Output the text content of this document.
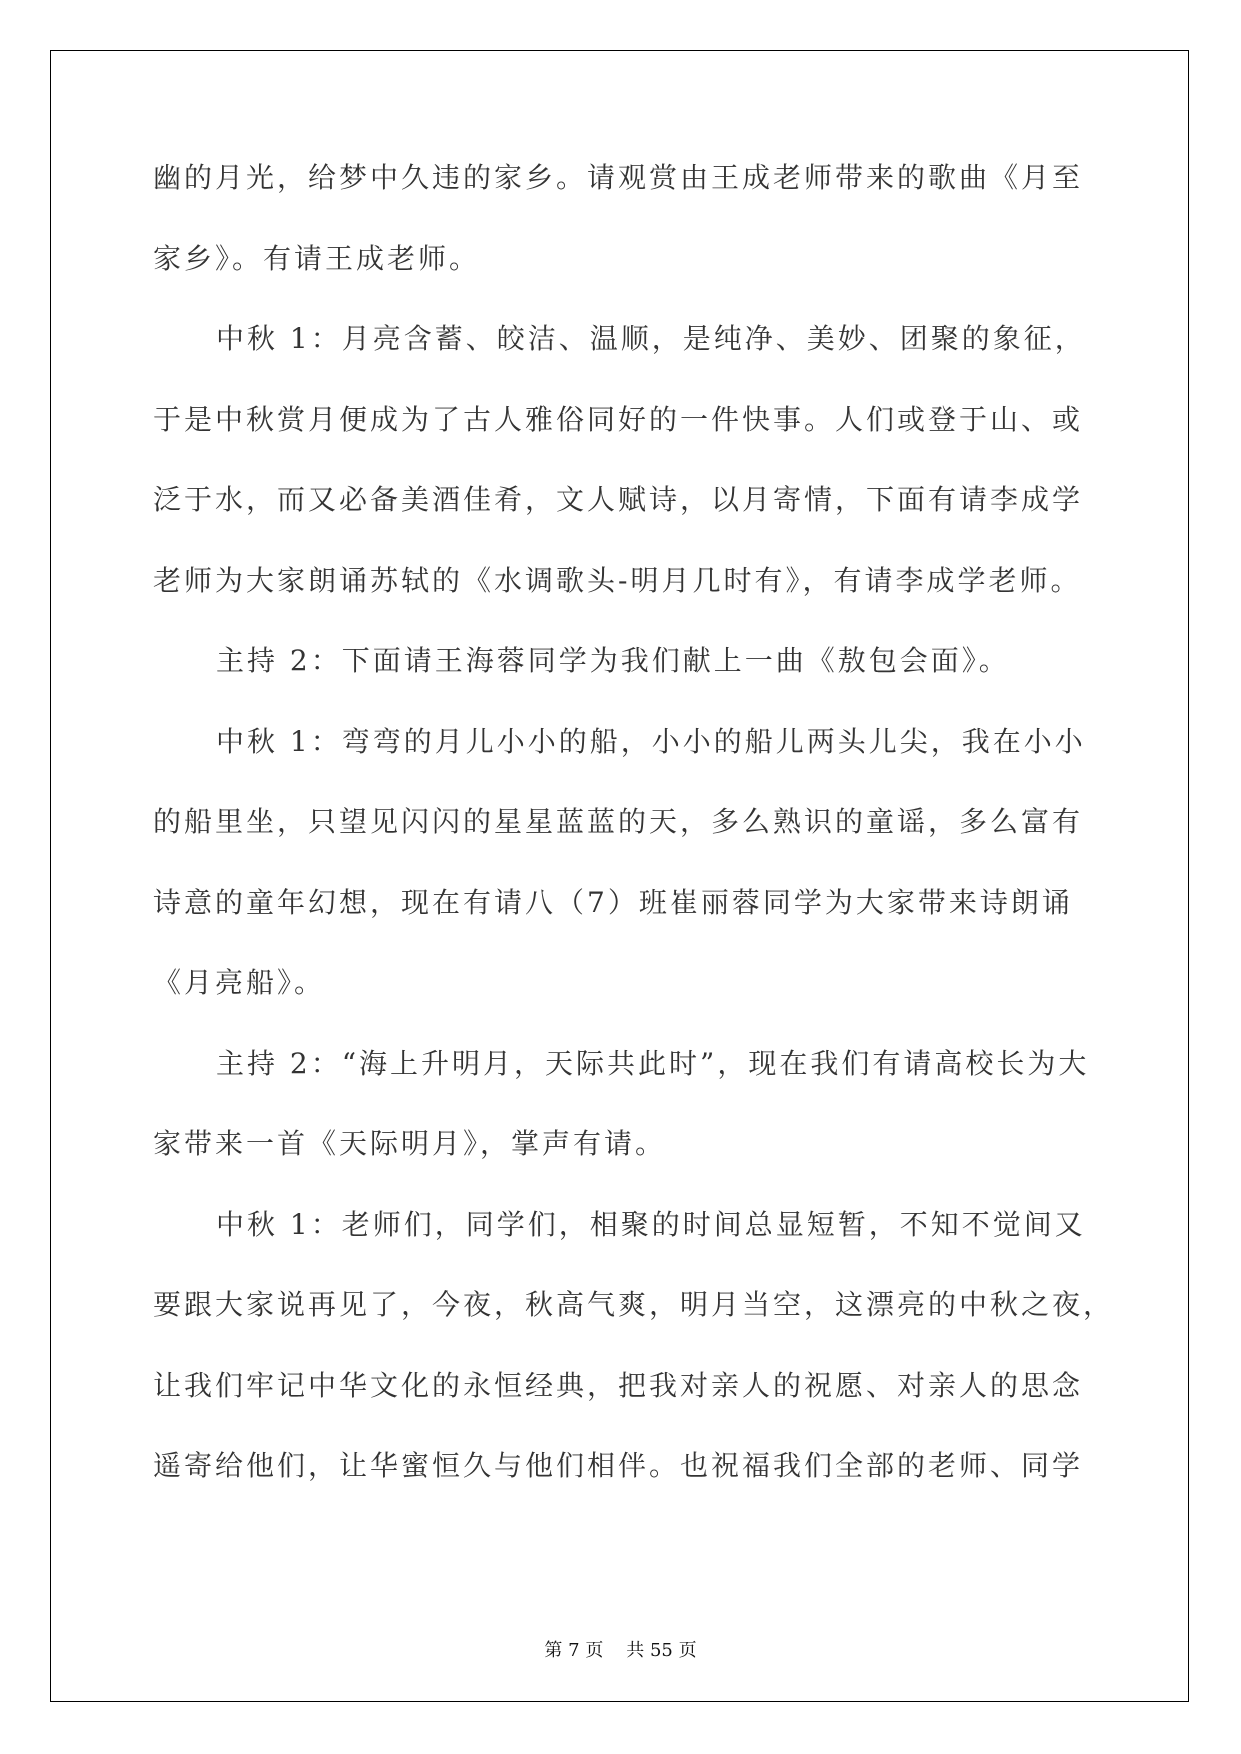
幽的月光，给梦中久违的家乡。请观赏由王成老师带来的歌曲《月至
家乡》。有请王成老师。
中秋 1：月亮含蓄、皎洁、温顺，是纯净、美妙、团聚的象征，
于是中秋赏月便成为了古人雅俗同好的一件快事。人们或登于山、或
泛于水，而又必备美酒佳肴，文人赋诗，以月寄情，下面有请李成学
老师为大家朗诵苏轼的《水调歌头-明月几时有》，有请李成学老师。
主持 2：下面请王海蓉同学为我们献上一曲《敖包会面》。
中秋 1：弯弯的月儿小小的船，小小的船儿两头儿尖，我在小小
的船里坐，只望见闪闪的星星蓝蓝的天，多么熟识的童谣，多么富有
诗意的童年幻想，现在有请八（7）班崔丽蓉同学为大家带来诗朗诵
《月亮船》。
主持 2：“海上升明月，天际共此时”，现在我们有请高校长为大
家带来一首《天际明月》，掌声有请。
中秋 1：老师们，同学们，相聚的时间总显短暂，不知不觉间又
要跟大家说再见了，今夜，秋高气爽，明月当空，这漂亮的中秋之夜，
让我们牢记中华文化的永恒经典，把我对亲人的祝愿、对亲人的思念
遥寄给他们，让华蜜恒久与他们相伴。也祝福我们全部的老师、同学
第 7 页 共 55 页
